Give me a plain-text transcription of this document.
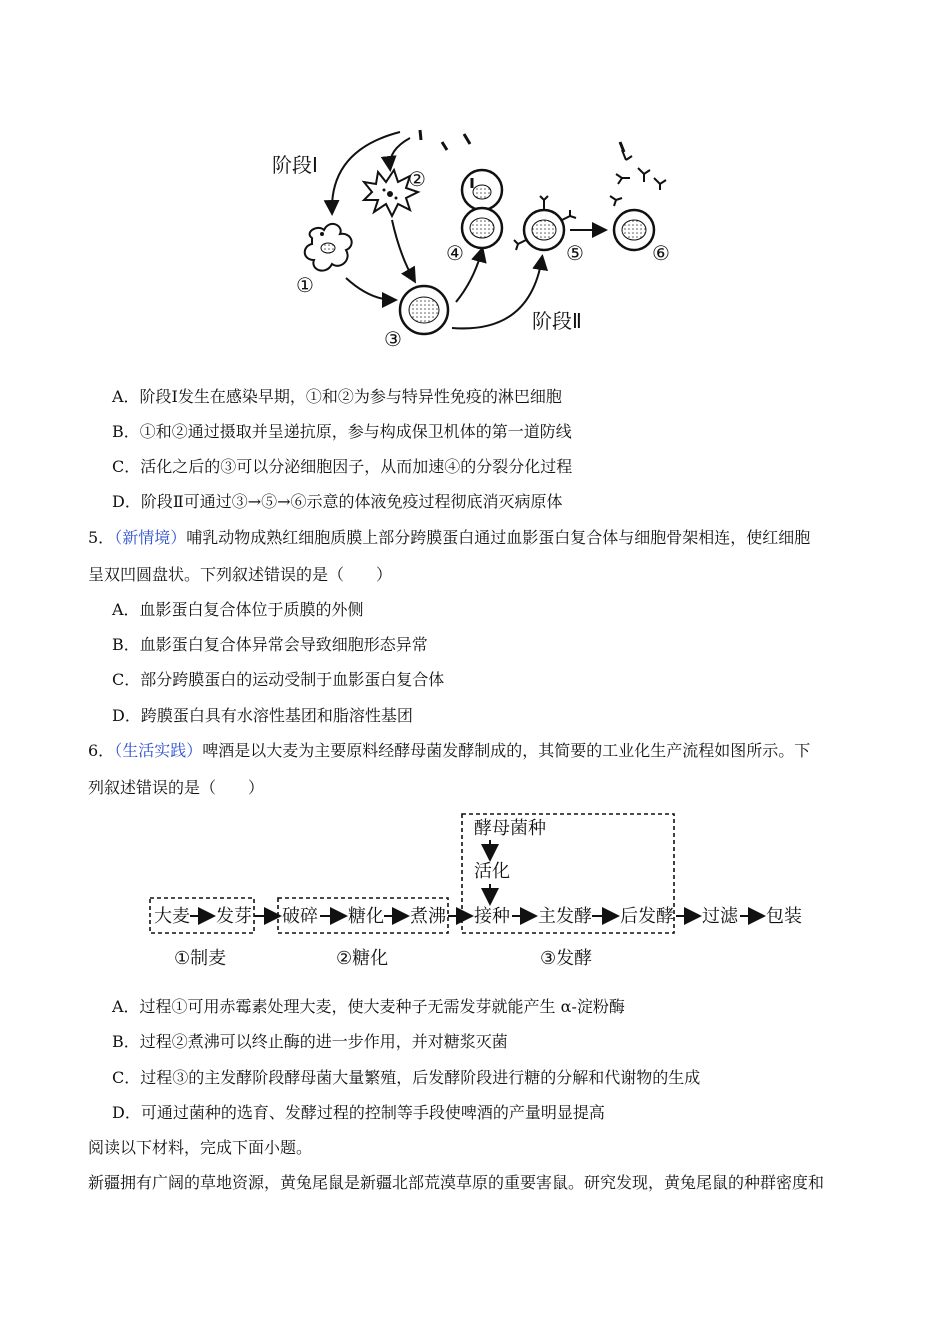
阶段Ⅰ
阶段Ⅱ
②
①
③
④	⑤	⑥
A．阶段Ⅰ发生在感染早期，①和②为参与特异性免疫的淋巴细胞
B．①和②通过摄取并呈递抗原，参与构成保卫机体的第一道防线
C．活化之后的③可以分泌细胞因子，从而加速④的分裂分化过程
D．阶段Ⅱ可通过③→⑤→⑥示意的体液免疫过程彻底消灭病原体
5．（新情境）哺乳动物成熟红细胞质膜上部分跨膜蛋白通过血影蛋白复合体与细胞骨架相连，使红细胞
呈双凹圆盘状。下列叙述错误的是（　　）
A．血影蛋白复合体位于质膜的外侧
B．血影蛋白复合体异常会导致细胞形态异常
C．部分跨膜蛋白的运动受制于血影蛋白复合体
D．跨膜蛋白具有水溶性基团和脂溶性基团
6．（生活实践）啤酒是以大麦为主要原料经酵母菌发酵制成的，其简要的工业化生产流程如图所示。下
列叙述错误的是（　　）
酵母菌种
活化
大麦 发芽 破碎 糖化 煮沸 接种 主发酵 后发酵 过滤 包装
①制麦	②糖化	③发酵
A．过程①可用赤霉素处理大麦，使大麦种子无需发芽就能产生 α-淀粉酶
B．过程②煮沸可以终止酶的进一步作用，并对糖浆灭菌
C．过程③的主发酵阶段酵母菌大量繁殖，后发酵阶段进行糖的分解和代谢物的生成
D．可通过菌种的选育、发酵过程的控制等手段使啤酒的产量明显提高
阅读以下材料，完成下面小题。
新疆拥有广阔的草地资源，黄兔尾鼠是新疆北部荒漠草原的重要害鼠。研究发现，黄兔尾鼠的种群密度和
